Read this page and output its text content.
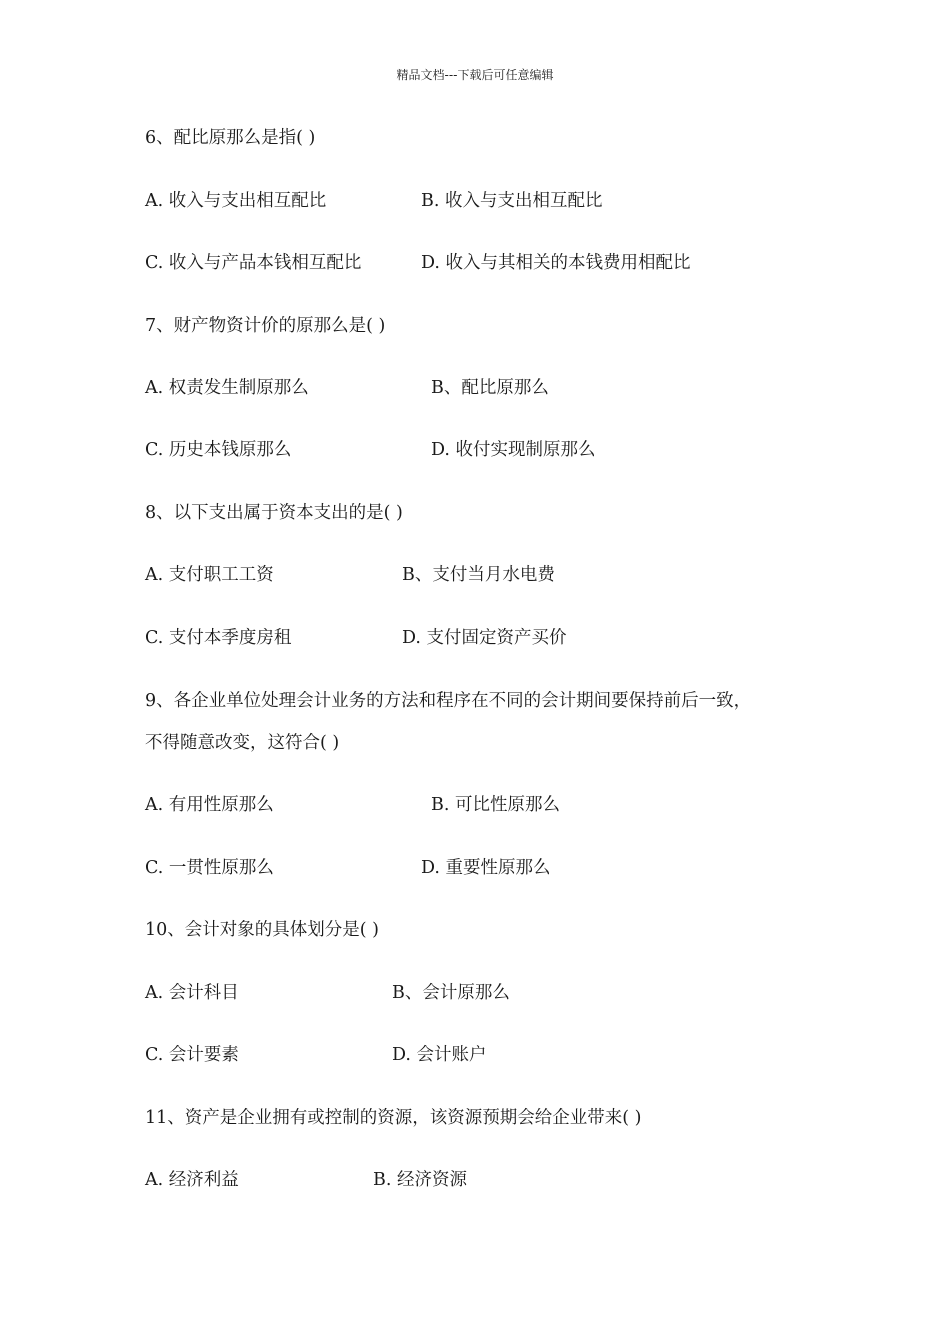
精品文档---下载后可任意编辑
6、配比原那么是指( )
A. 收入与支出相互配比	B. 收入与支出相互配比
C. 收入与产品本钱相互配比	D. 收入与其相关的本钱费用相配比
7、财产物资计价的原那么是( )
A. 权责发生制原那么	B、配比原那么
C. 历史本钱原那么	D. 收付实现制原那么
8、以下支出属于资本支出的是( )
A. 支付职工工资	B、支付当月水电费
C. 支付本季度房租	D. 支付固定资产买价
9、各企业单位处理会计业务的方法和程序在不同的会计期间要保持前后一致，
不得随意改变，这符合( )
A. 有用性原那么	B. 可比性原那么
C. 一贯性原那么	D. 重要性原那么
10、会计对象的具体划分是( )
A. 会计科目	B、会计原那么
C. 会计要素	D. 会计账户
11、资产是企业拥有或控制的资源，该资源预期会给企业带来( )
A. 经济利益	B. 经济资源
